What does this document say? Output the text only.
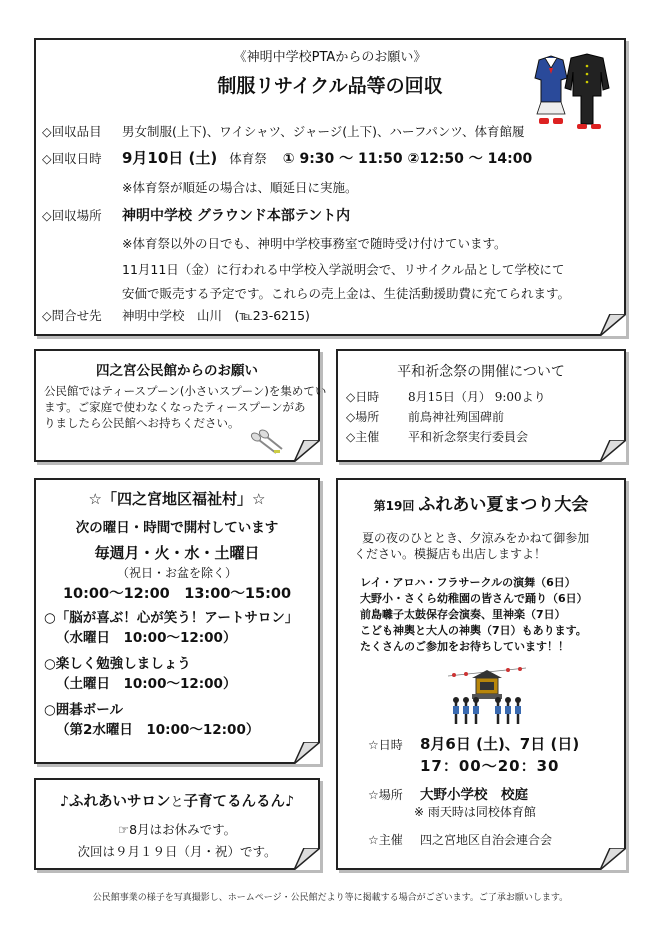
《神明中学校PTAからのお願い》
制服リサイクル品等の回収
◇回収品目 男女制服(上下)、ワイシャツ、ジャージ(上下)、ハーフパンツ、体育館履
◇回収日時 9月10日 (土) 体育祭 ① 9:30 ～ 11:50 ②12:50 ～ 14:00
※体育祭が順延の場合は、順延日に実施。
◇回収場所 神明中学校 グラウンド本部テント内
※体育祭以外の日でも、神明中学校事務室で随時受け付けています。
11月11日（金）に行われる中学校入学説明会で、リサイクル品として学校にて
安価で販売する予定です。これらの売上金は、生徒活動援助費に充てられます。
◇問合せ先 神明中学校　山川　(℡23-6215)
四之宮公民館からのお願い
公民館ではティースプーン(小さいスプーン)を集めてい
ます。ご家庭で使わなくなったティースプーンがあ
りましたら公民館へお持ちください。
平和祈念祭の開催について
◇日時 8月15日（月） 9:00より
◇場所 前鳥神社殉国碑前
◇主催 平和祈念祭実行委員会
☆「四之宮地区福祉村」☆
次の曜日・時間で開村しています
毎週月・火・水・土曜日
（祝日・お盆を除く）
10:00～12:00　13:00～15:00
○「脳が喜ぶ！心が笑う！アートサロン」
（水曜日　10:00～12:00）
○楽しく勉強しましょう
（土曜日　10:00～12:00）
○囲碁ボール
（第2水曜日　10:00～12:00）
♪ふれあいサロンと子育てるんるん♪
☞8月はお休みです。
次回は９月１９日（月・祝）です。
第19回 ふれあい夏まつり大会
夏の夜のひととき、夕涼みをかねて御参加
ください。模擬店も出店しますよ！
レイ・アロハ・フラサークルの演舞（6日）
大野小・さくら幼稚園の皆さんで踊り（6日）
前島囃子太鼓保存会演奏、里神楽（7日）
こども神輿と大人の神輿（7日）もあります。
たくさんのご参加をお待ちしています！！
☆日時 8月6日 (土)、7日 (日)
17：00～20：30
☆場所 大野小学校　校庭
※ 雨天時は同校体育館
☆主催 四之宮地区自治会連合会
公民館事業の様子を写真撮影し、ホームページ・公民館だより等に掲載する場合がございます。ご了承お願いします。
